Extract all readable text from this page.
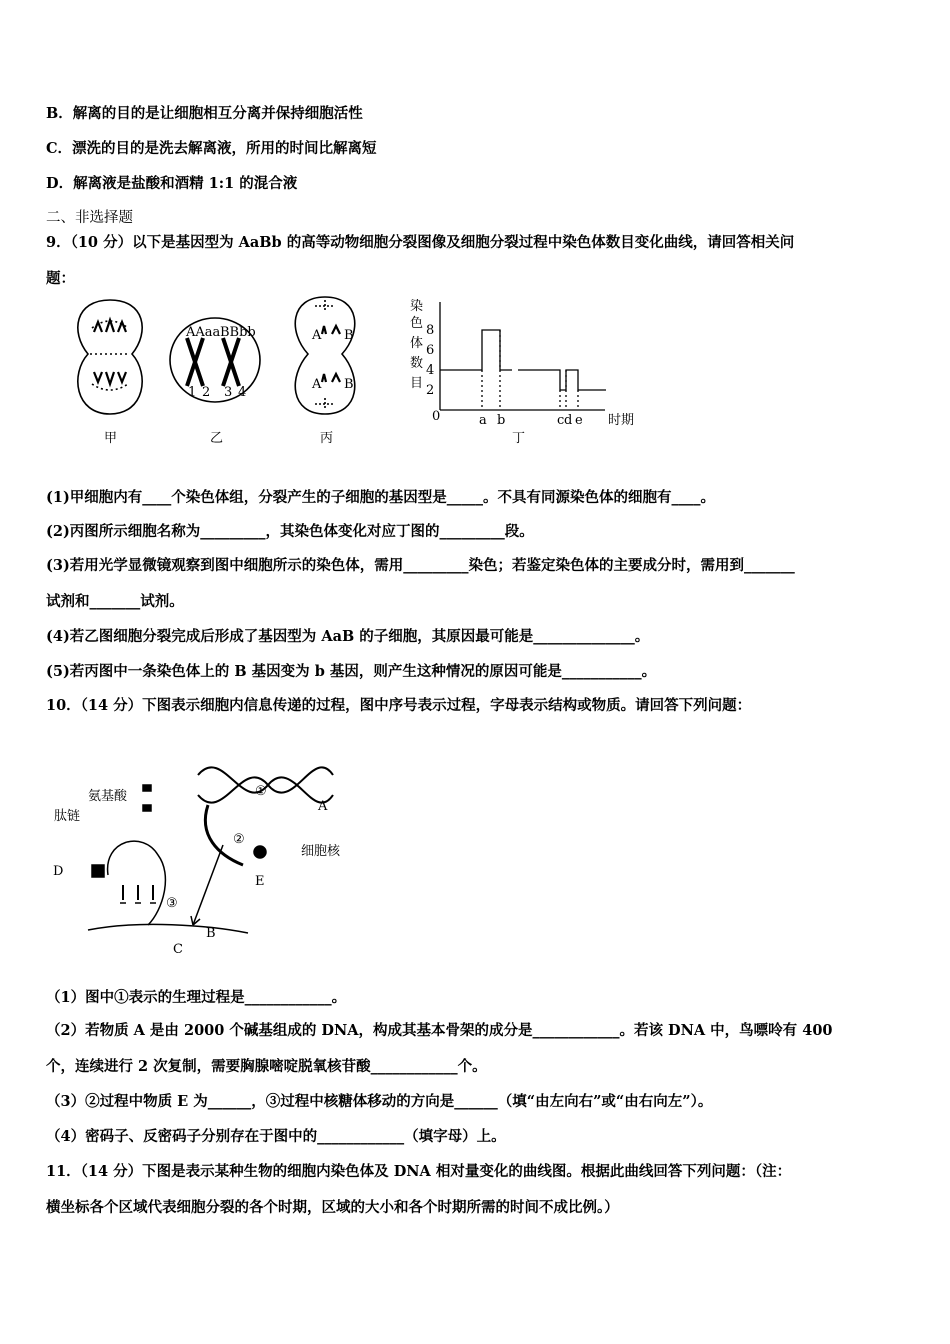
B．解离的目的是让细胞相互分离并保持细胞活性
C．漂洗的目的是洗去解离液，所用的时间比解离短
D．解离液是盐酸和酒精 1:1 的混合液
二、非选择题
9．（10 分）以下是基因型为 AaBb 的高等动物细胞分裂图像及细胞分裂过程中染色体数目变化曲线，请回答相关问
题：
AAaa BBbb
1 2 3 4
A B
A B
染
色
体
数
目
8
6
4
2
0	a b	c d e 时期
甲	乙	丙	丁
(1)甲细胞内有____个染色体组，分裂产生的子细胞的基因型是_____。不具有同源染色体的细胞有____。
(2)丙图所示细胞名称为_________，其染色体变化对应丁图的_________段。
(3)若用光学显微镜观察到图中细胞所示的染色体，需用_________染色；若鉴定染色体的主要成分时，需用到_______
试剂和_______试剂。
(4)若乙图细胞分裂完成后形成了基因型为 AaB 的子细胞，其原因最可能是______________。
(5)若丙图中一条染色体上的 B 基因变为 b 基因，则产生这种情况的原因可能是___________。
10．（14 分）下图表示细胞内信息传递的过程，图中序号表示过程，字母表示结构或物质。请回答下列问题：
氨基酸
肽链
细胞核
A
B
C
D
E
①
②
③
（1）图中①表示的生理过程是____________。
（2）若物质 A 是由 2000 个碱基组成的 DNA，构成其基本骨架的成分是____________。若该 DNA 中，鸟嘌呤有 400
个，连续进行 2 次复制，需要胸腺嘧啶脱氧核苷酸____________个。
（3）②过程中物质 E 为______，③过程中核糖体移动的方向是______（填“由左向右”或“由右向左”）。
（4）密码子、反密码子分别存在于图中的____________（填字母）上。
11．（14 分）下图是表示某种生物的细胞内染色体及 DNA 相对量变化的曲线图。根据此曲线回答下列问题：（注：
横坐标各个区域代表细胞分裂的各个时期，区域的大小和各个时期所需的时间不成比例。）
